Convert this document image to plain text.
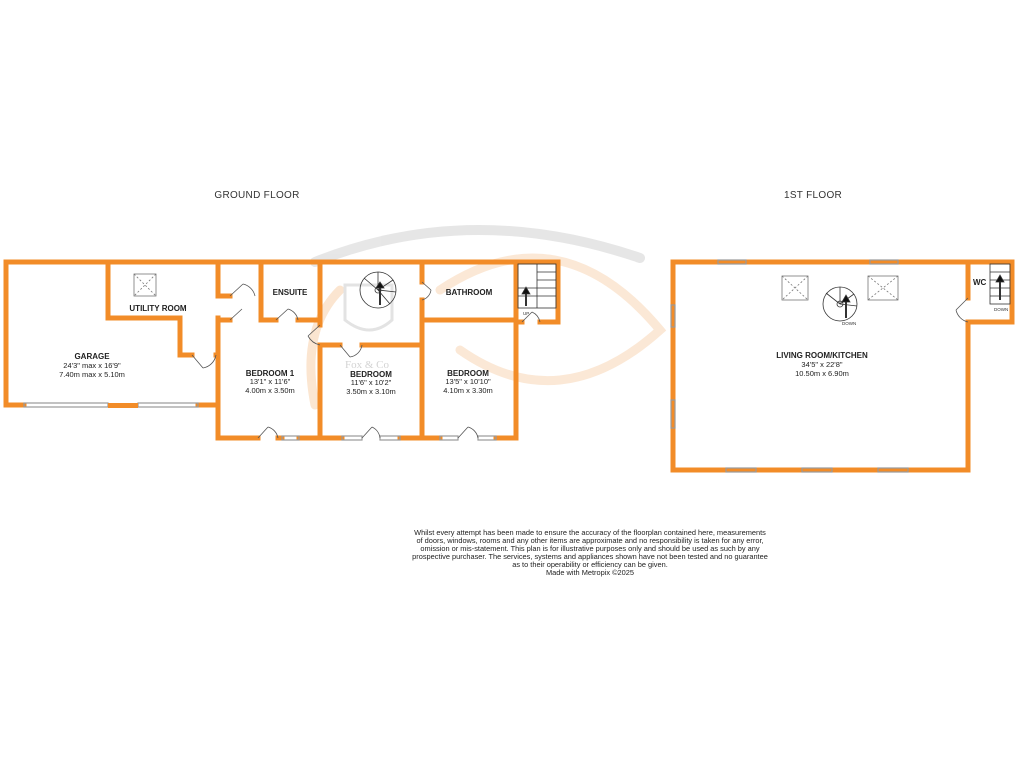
Fox & Co
GROUND FLOOR	1ST FLOOR
UP
GARAGE
24'3" max x 16'9"
7.40m max x 5.10m
UTILITY ROOM
ENSUITE	BATHROOM
BEDROOM 1
13'1" x 11'6"
4.00m x 3.50m
BEDROOM
11'6" x 10'2"
3.50m x 3.10m
BEDROOM
13'5" x 10'10"
4.10m x 3.30m
DOWN
DOWN
LIVING ROOM/KITCHEN
34'5" x 22'8"
10.50m x 6.90m
WC

Whilst every attempt has been made to ensure the accuracy of the floorplan contained here, measurements

of doors, windows, rooms and any other items are approximate and no responsibility is taken for any error,

omission or mis-statement. This plan is for illustrative purposes only and should be used as such by any

prospective purchaser. The services, systems and appliances shown have not been tested and no guarantee

as to their operability or efficiency can be given.

Made with Metropix ©2025
